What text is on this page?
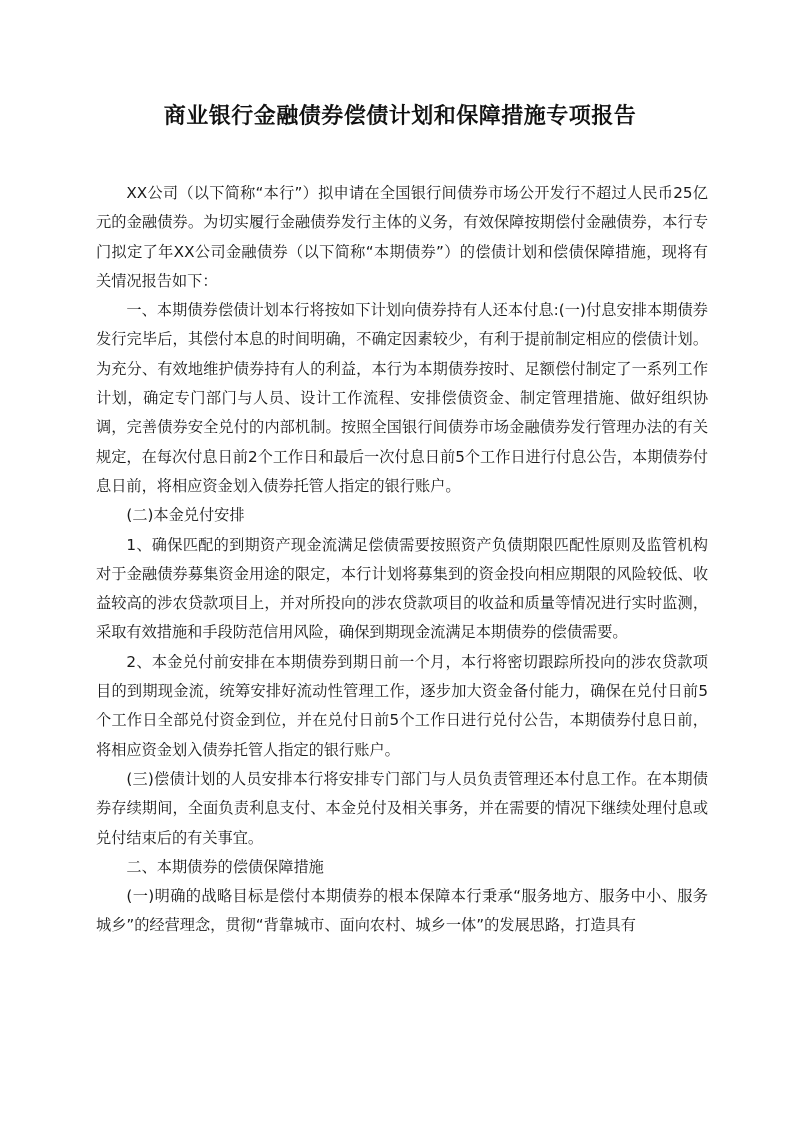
商业银行金融债券偿债计划和保障措施专项报告

XX公司（以下简称“本行”）拟申请在全国银行间债券市场公开发行不超过人民币25亿元的金融债券。为切实履行金融债券发行主体的义务，有效保障按期偿付金融债券，本行专门拟定了年XX公司金融债券（以下简称“本期债券”）的偿债计划和偿债保障措施，现将有关情况报告如下：

一、本期债券偿债计划本行将按如下计划向债券持有人还本付息:(一)付息安排本期债券发行完毕后，其偿付本息的时间明确，不确定因素较少，有利于提前制定相应的偿债计划。为充分、有效地维护债券持有人的利益，本行为本期债券按时、足额偿付制定了一系列工作计划，确定专门部门与人员、设计工作流程、安排偿债资金、制定管理措施、做好组织协调，完善债券安全兑付的内部机制。按照全国银行间债券市场金融债券发行管理办法的有关规定，在每次付息日前2个工作日和最后一次付息日前5个工作日进行付息公告，本期债券付息日前，将相应资金划入债券托管人指定的银行账户。

(二)本金兑付安排

1、确保匹配的到期资产现金流满足偿债需要按照资产负债期限匹配性原则及监管机构对于金融债券募集资金用途的限定，本行计划将募集到的资金投向相应期限的风险较低、收益较高的涉农贷款项目上，并对所投向的涉农贷款项目的收益和质量等情况进行实时监测，采取有效措施和手段防范信用风险，确保到期现金流满足本期债券的偿债需要。

2、本金兑付前安排在本期债券到期日前一个月，本行将密切跟踪所投向的涉农贷款项目的到期现金流，统筹安排好流动性管理工作，逐步加大资金备付能力，确保在兑付日前5个工作日全部兑付资金到位，并在兑付日前5个工作日进行兑付公告，本期债券付息日前，将相应资金划入债券托管人指定的银行账户。

(三)偿债计划的人员安排本行将安排专门部门与人员负责管理还本付息工作。在本期债券存续期间，全面负责利息支付、本金兑付及相关事务，并在需要的情况下继续处理付息或兑付结束后的有关事宜。

二、本期债券的偿债保障措施

(一)明确的战略目标是偿付本期债券的根本保障本行秉承“服务地方、服务中小、服务城乡”的经营理念，贯彻“背靠城市、面向农村、城乡一体”的发展思路，打造具有
